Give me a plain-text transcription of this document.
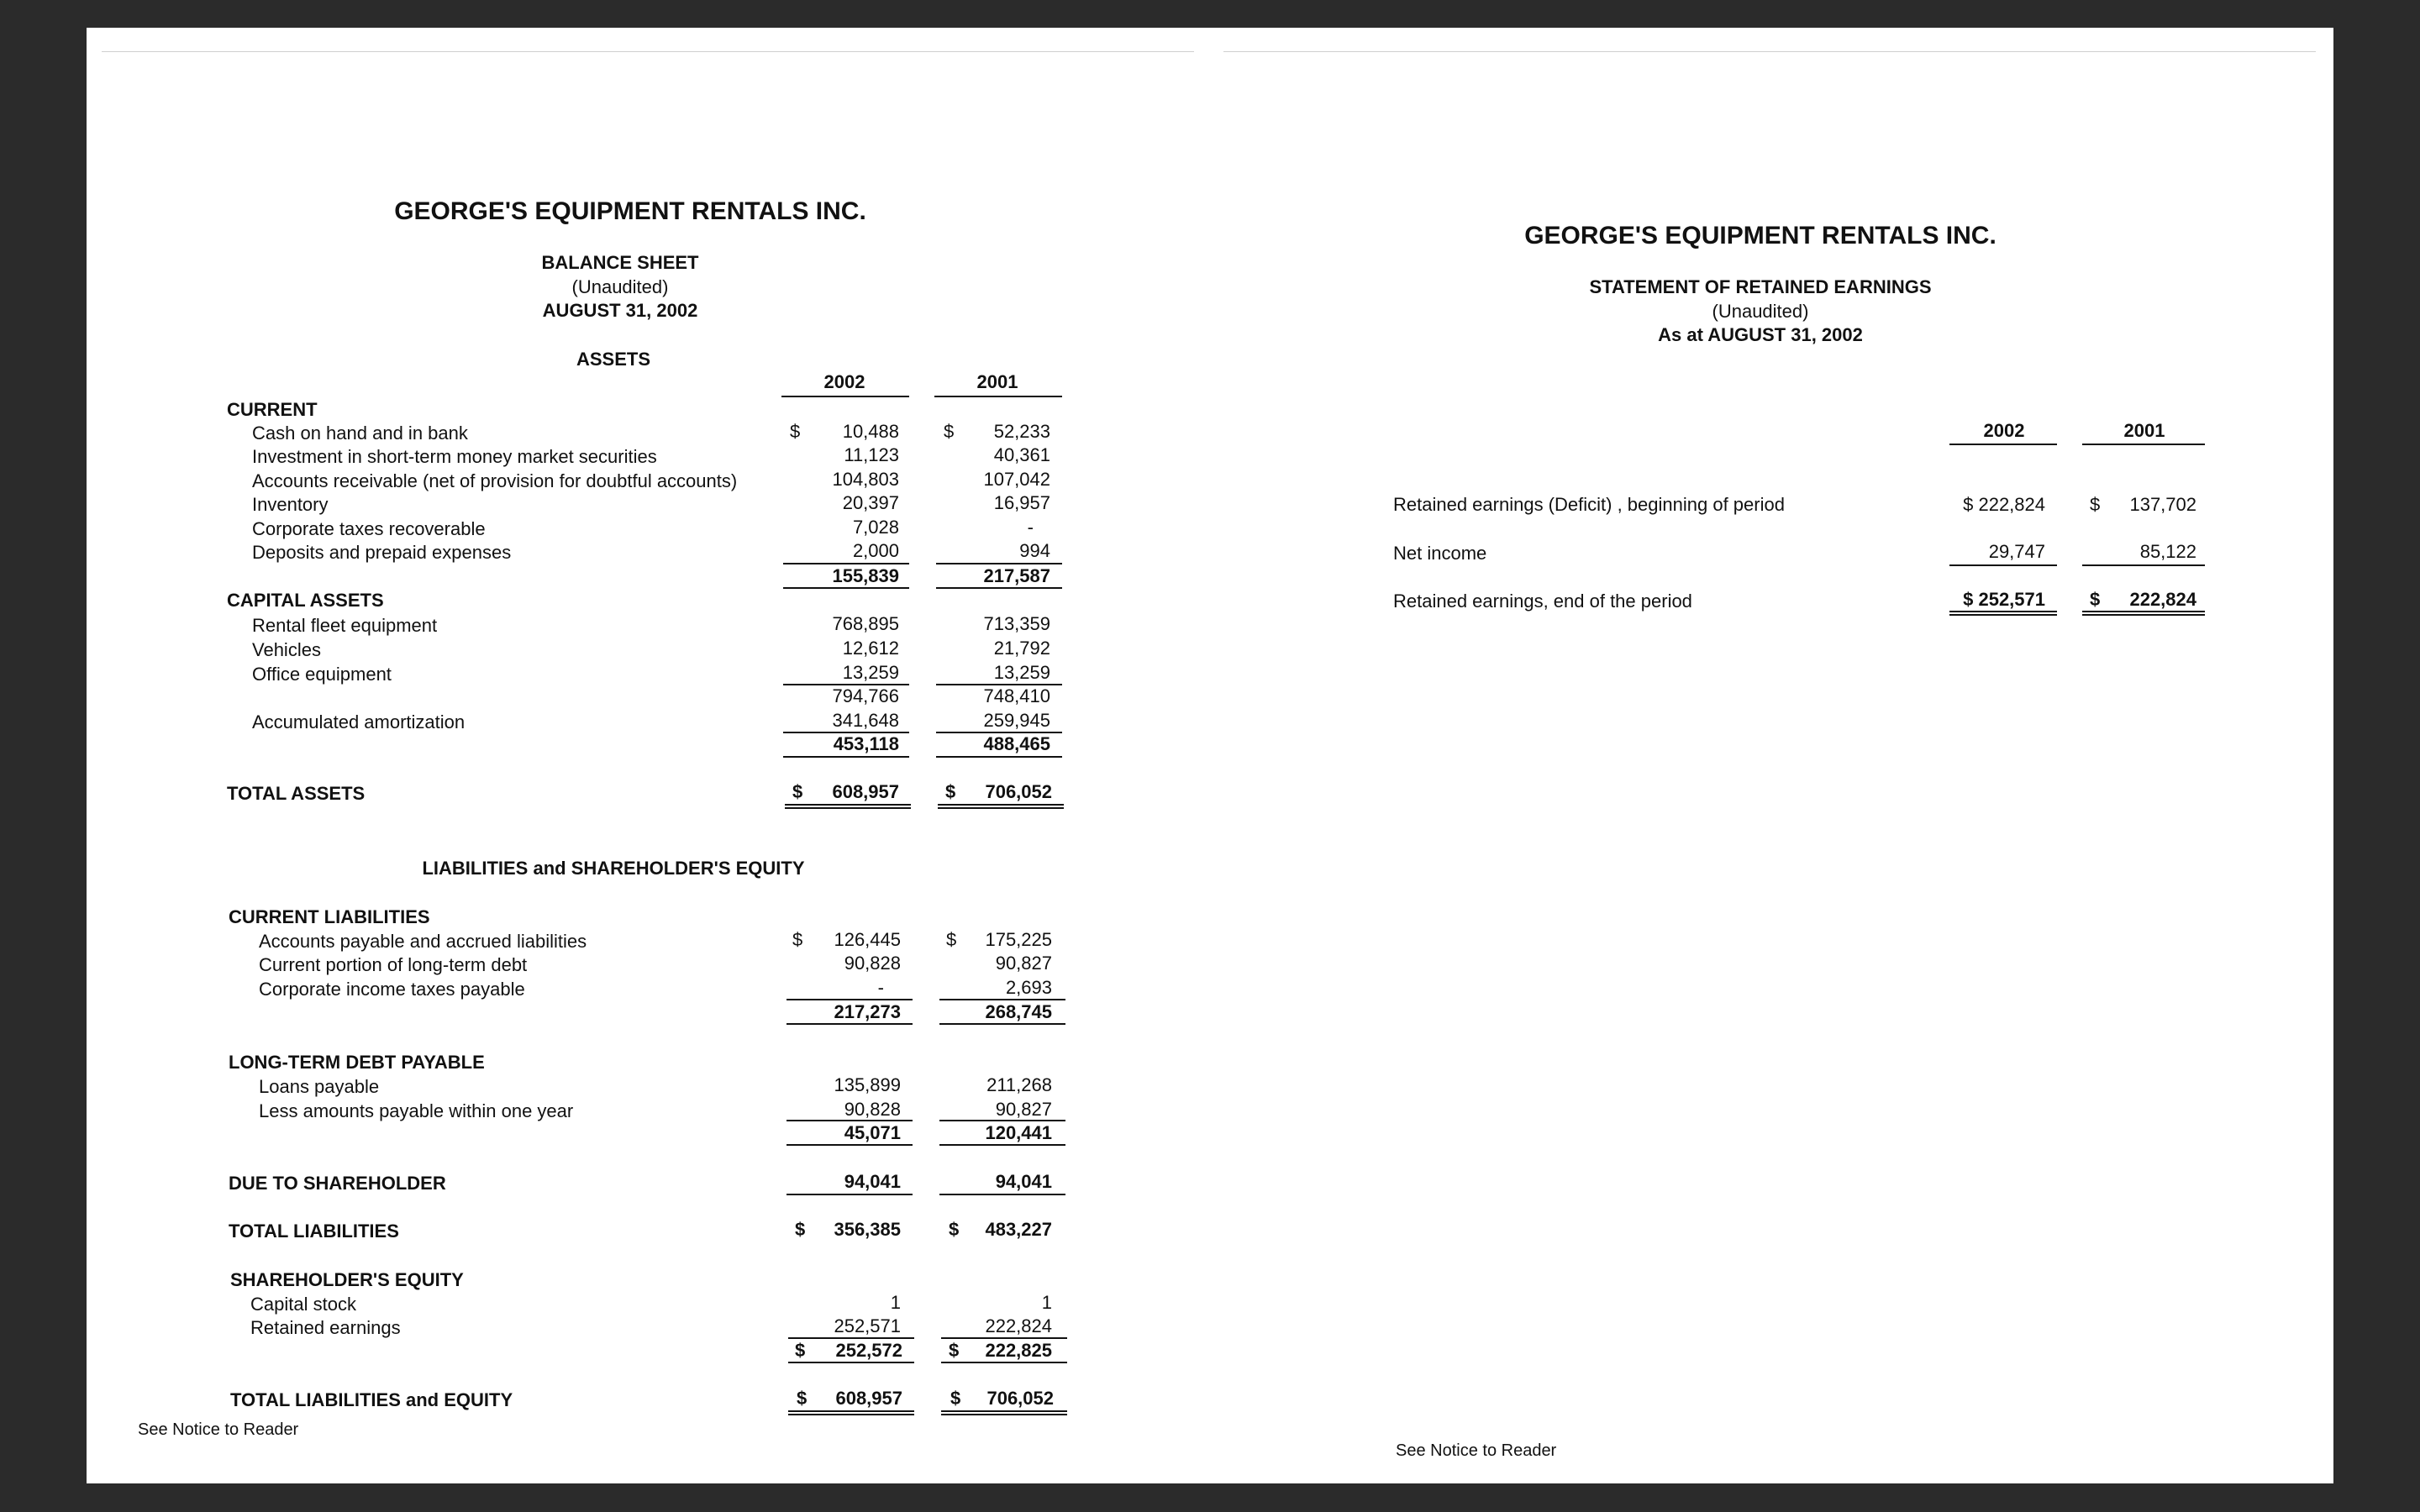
GEORGE'S EQUIPMENT RENTALS INC.
BALANCE SHEET
(Unaudited)
AUGUST 31, 2002
ASSETS
2002	2001
CURRENT
Cash on hand and in bank	$	10,488 $	52,233
Investment in short-term money market securities	11,123	40,361
Accounts receivable (net of provision for doubtful accounts)	104,803	107,042
Inventory	20,397	16,957
Corporate taxes recoverable	7,028	-
Deposits and prepaid expenses	2,000	994
155,839	217,587
CAPITAL ASSETS
Rental fleet equipment	768,895	713,359
Vehicles	12,612	21,792
Office equipment	13,259	13,259
794,766	748,410
Accumulated amortization	341,648	259,945
453,118	488,465
TOTAL ASSETS	$	608,957	$	706,052
LIABILITIES and SHAREHOLDER'S EQUITY
CURRENT LIABILITIES
Accounts payable and accrued liabilities	$	126,445 $	175,225
Current portion of long-term debt	90,828	90,827
Corporate income taxes payable	-	2,693
217,273	268,745
LONG-TERM DEBT PAYABLE
Loans payable	135,899	211,268
Less amounts payable within one year	90,828	90,827
45,071	120,441
DUE TO SHAREHOLDER	94,041	94,041
TOTAL LIABILITIES	$	356,385	$	483,227
SHAREHOLDER'S EQUITY
Capital stock	1	1
Retained earnings	252,571	222,824
$	252,572	$	222,825
TOTAL LIABILITIES and EQUITY	$	608,957	$	706,052
See Notice to Reader
GEORGE'S EQUIPMENT RENTALS INC.
STATEMENT OF RETAINED EARNINGS
(Unaudited)
As at AUGUST 31, 2002
2002	2001
Retained earnings (Deficit) , beginning of period	$ 222,824 $	137,702
Net income	29,747	85,122
Retained earnings, end of the period	$ 252,571 $	222,824
See Notice to Reader
